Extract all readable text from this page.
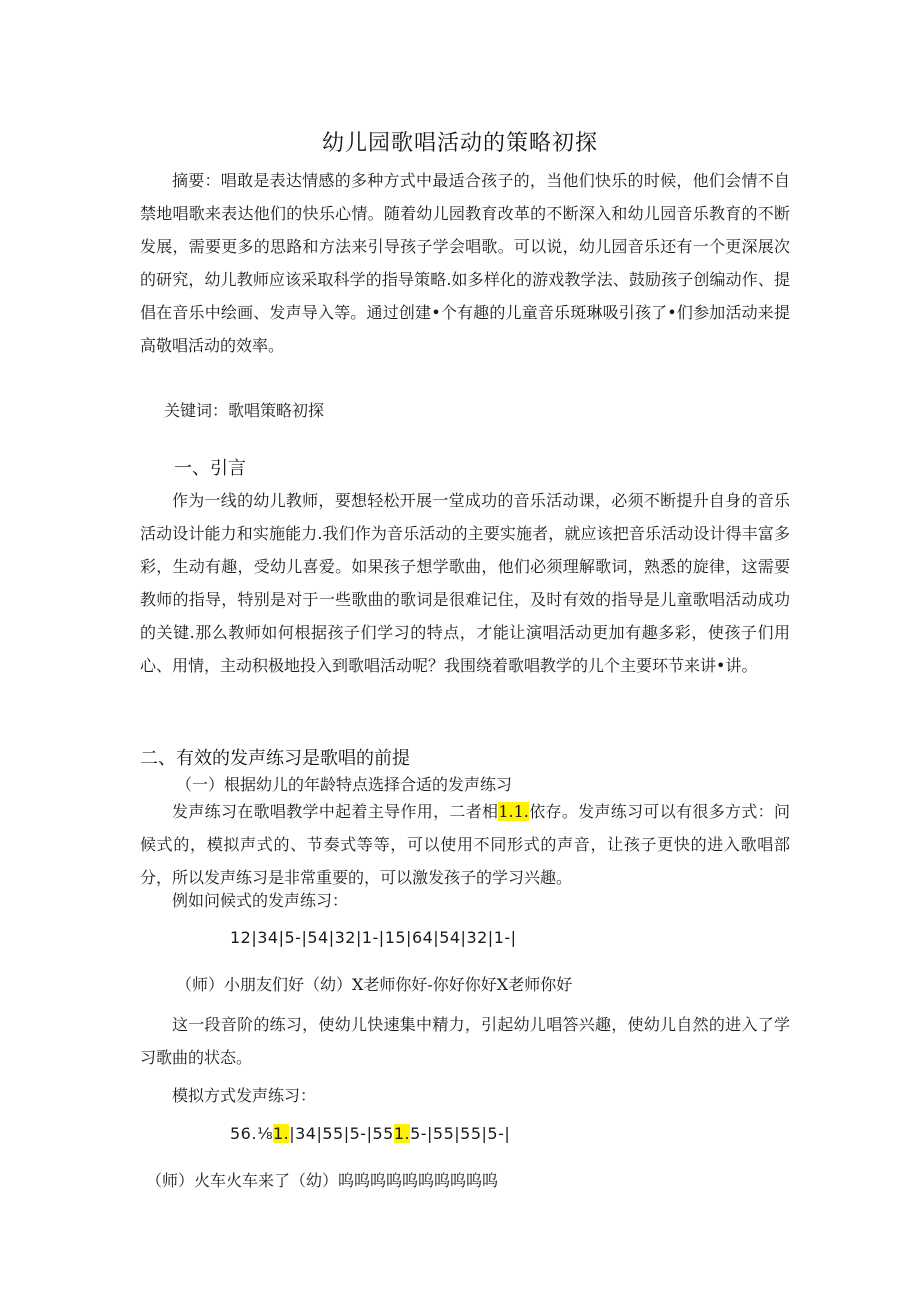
幼儿园歌唱活动的策略初探

摘要：唱敢是表达情感的多种方式中最适合孩子的，当他们快乐的时候，他们会情不自禁地唱歌来表达他们的快乐心情。随着幼儿园教育改革的不断深入和幼儿园音乐教育的不断发展，需要更多的思路和方法来引导孩子学会唱歌。可以说，幼儿园音乐还有一个更深展次的研究，幼儿教师应该采取科学的指导策略.如多样化的游戏教学法、鼓励孩子创编动作、提倡在音乐中绘画、发声导入等。通过创建•个有趣的儿童音乐斑琳吸引孩了•们参加活动来提高敬唱活动的效率。

关键词：歌唱策略初探
一、引言

作为一线的幼儿教师，要想轻松开展一堂成功的音乐活动课，必须不断提升自身的音乐活动设计能力和实施能力.我们作为音乐活动的主要实施者，就应该把音乐活动设计得丰富多彩，生动有趣，受幼儿喜爱。如果孩子想学歌曲，他们必须理解歌词，熟悉的旋律，这需要教师的指导，特别是对于一些歌曲的歌词是很难记住，及时有效的指导是儿童歌唱活动成功的关键.那么教师如何根据孩子们学习的特点，才能让演唱活动更加有趣多彩，使孩子们用心、用情，主动积极地投入到歌唱活动呢？我围绕着歌唱教学的儿个主要环节来讲•讲。

二、有效的发声练习是歌唱的前提
（一）根据幼儿的年龄特点选择合适的发声练习

发声练习在歌唱教学中起着主导作用，二者相1.1.依存。发声练习可以有很多方式：问候式的，模拟声式的、节奏式等等，可以使用不同形式的声音，让孩子更快的进入歌唱部分，所以发声练习是非常重要的，可以激发孩子的学习兴趣。

例如问候式的发声练习：
12|34|5-|54|32|1-|15|64|54|32|1-|
（师）小朋友们好（幼）X老师你好-你好你好X老师你好

这一段音阶的练习，使幼儿快速集中精力，引起幼儿唱答兴趣，使幼儿自然的进入了学习歌曲的状态。

模拟方式发声练习：
56.⅛1.|34|55|5-|551.5-|55|55|5-|
（师）火车火车来了（幼）呜呜呜呜呜呜呜呜呜呜
